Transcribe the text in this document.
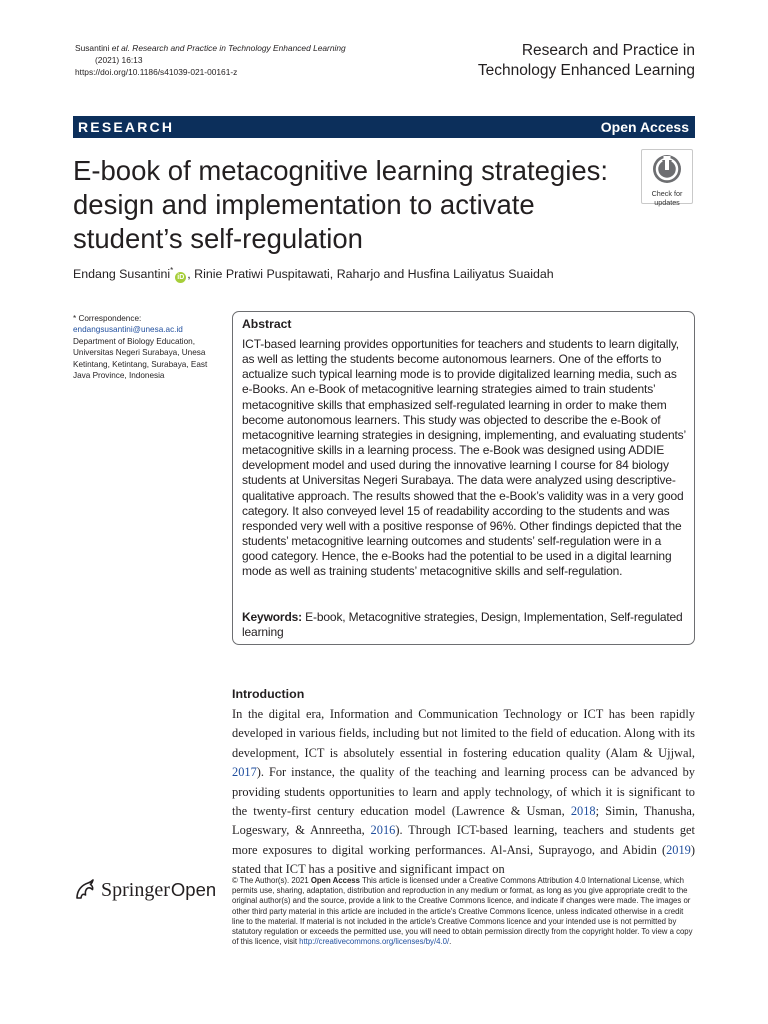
Susantini et al. Research and Practice in Technology Enhanced Learning
(2021) 16:13
https://doi.org/10.1186/s41039-021-00161-z
Research and Practice in
Technology Enhanced Learning
RESEARCH	Open Access
E-book of metacognitive learning strategies: design and implementation to activate student’s self-regulation
Check for
updates
Endang Susantini*iD , Rinie Pratiwi Puspitawati, Raharjo and Husfina Lailiyatus Suaidah
* Correspondence:
endangsusantini@unesa.ac.id
Department of Biology Education, Universitas Negeri Surabaya, Unesa Ketintang, Ketintang, Surabaya, East Java Province, Indonesia
Abstract
ICT-based learning provides opportunities for teachers and students to learn digitally, as well as letting the students become autonomous learners. One of the efforts to actualize such typical learning mode is to provide digitalized learning media, such as e-Books. An e-Book of metacognitive learning strategies aimed to train students’ metacognitive skills that emphasized self-regulated learning in order to make them become autonomous learners. This study was objected to describe the e-Book of metacognitive learning strategies in designing, implementing, and evaluating students’ metacognitive skills in a learning process. The e-Book was designed using ADDIE development model and used during the innovative learning I course for 84 biology students at Universitas Negeri Surabaya. The data were analyzed using descriptive-qualitative approach. The results showed that the e-Book’s validity was in a very good category. It also conveyed level 15 of readability according to the students and was responded very well with a positive response of 96%. Other findings depicted that the students’ metacognitive learning outcomes and students’ self-regulation were in a good category. Hence, the e-Books had the potential to be used in a digital learning mode as well as training students’ metacognitive skills and self-regulation.
Keywords: E-book, Metacognitive strategies, Design, Implementation, Self-regulated learning
Introduction
In the digital era, Information and Communication Technology or ICT has been rapidly developed in various fields, including but not limited to the field of education. Along with its development, ICT is absolutely essential in fostering education quality (Alam & Ujjwal, 2017). For instance, the quality of the teaching and learning process can be advanced by providing students opportunities to learn and apply technology, of which it is significant to the twenty-first century education model (Lawrence & Usman, 2018; Simin, Thanusha, Logeswary, & Annreetha, 2016). Through ICT-based learning, teachers and students get more exposures to digital working performances. Al-Ansi, Suprayogo, and Abidin (2019) stated that ICT has a positive and significant impact on
Springer Open © The Author(s). 2021 Open Access This article is licensed under a Creative Commons Attribution 4.0 International License, which permits use, sharing, adaptation, distribution and reproduction in any medium or format, as long as you give appropriate credit to the original author(s) and the source, provide a link to the Creative Commons licence, and indicate if changes were made. The images or other third party material in this article are included in the article's Creative Commons licence, unless indicated otherwise in a credit line to the material. If material is not included in the article's Creative Commons licence and your intended use is not permitted by statutory regulation or exceeds the permitted use, you will need to obtain permission directly from the copyright holder. To view a copy of this licence, visit http://creativecommons.org/licenses/by/4.0/.
